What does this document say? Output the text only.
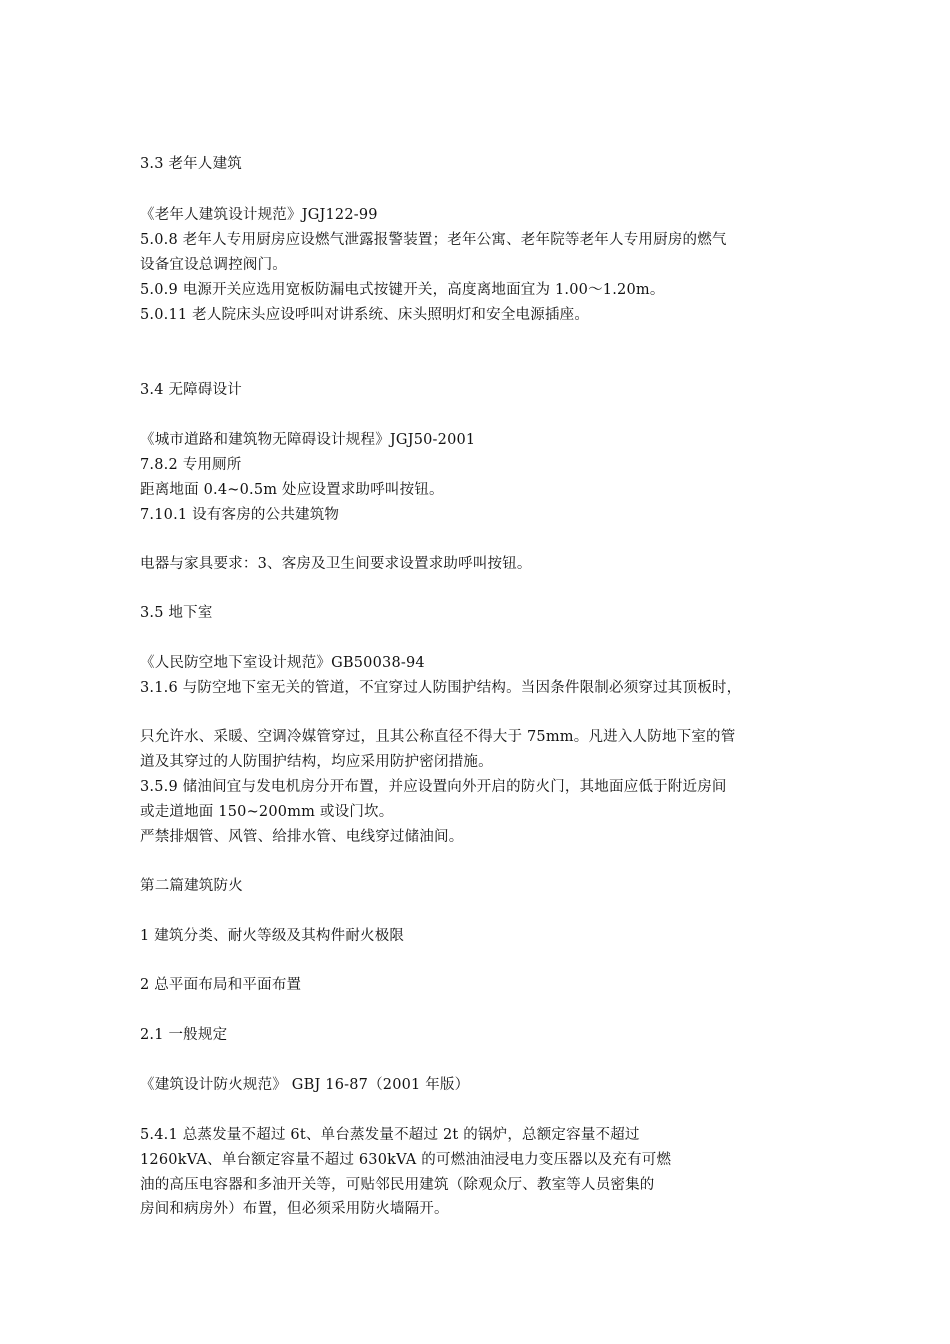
3.3 老年人建筑
《老年人建筑设计规范》JGJ122-99
5.0.8 老年人专用厨房应设燃气泄露报警装置；老年公寓、老年院等老年人专用厨房的燃气
设备宜设总调控阀门。
5.0.9 电源开关应选用宽板防漏电式按键开关，高度离地面宜为 1.00～1.20m。
5.0.11 老人院床头应设呼叫对讲系统、床头照明灯和安全电源插座。
3.4 无障碍设计
《城市道路和建筑物无障碍设计规程》JGJ50-2001
7.8.2 专用厕所
距离地面 0.4~0.5m 处应设置求助呼叫按钮。
7.10.1 设有客房的公共建筑物
电器与家具要求：3、客房及卫生间要求设置求助呼叫按钮。
3.5 地下室
《人民防空地下室设计规范》GB50038-94
3.1.6 与防空地下室无关的管道，不宜穿过人防围护结构。当因条件限制必须穿过其顶板时，
只允许水、采暖、空调冷媒管穿过，且其公称直径不得大于 75mm。凡进入人防地下室的管
道及其穿过的人防围护结构，均应采用防护密闭措施。
3.5.9 储油间宜与发电机房分开布置，并应设置向外开启的防火门，其地面应低于附近房间
或走道地面 150~200mm 或设门坎。
严禁排烟管、风管、给排水管、电线穿过储油间。
第二篇建筑防火
1 建筑分类、耐火等级及其构件耐火极限
2 总平面布局和平面布置
2.1 一般规定
《建筑设计防火规范》 GBJ 16-87（2001 年版）
5.4.1 总蒸发量不超过 6t、单台蒸发量不超过 2t 的锅炉，总额定容量不超过
1260kVA、单台额定容量不超过 630kVA 的可燃油油浸电力变压器以及充有可燃
油的高压电容器和多油开关等，可贴邻民用建筑（除观众厅、教室等人员密集的
房间和病房外）布置，但必须采用防火墙隔开。
